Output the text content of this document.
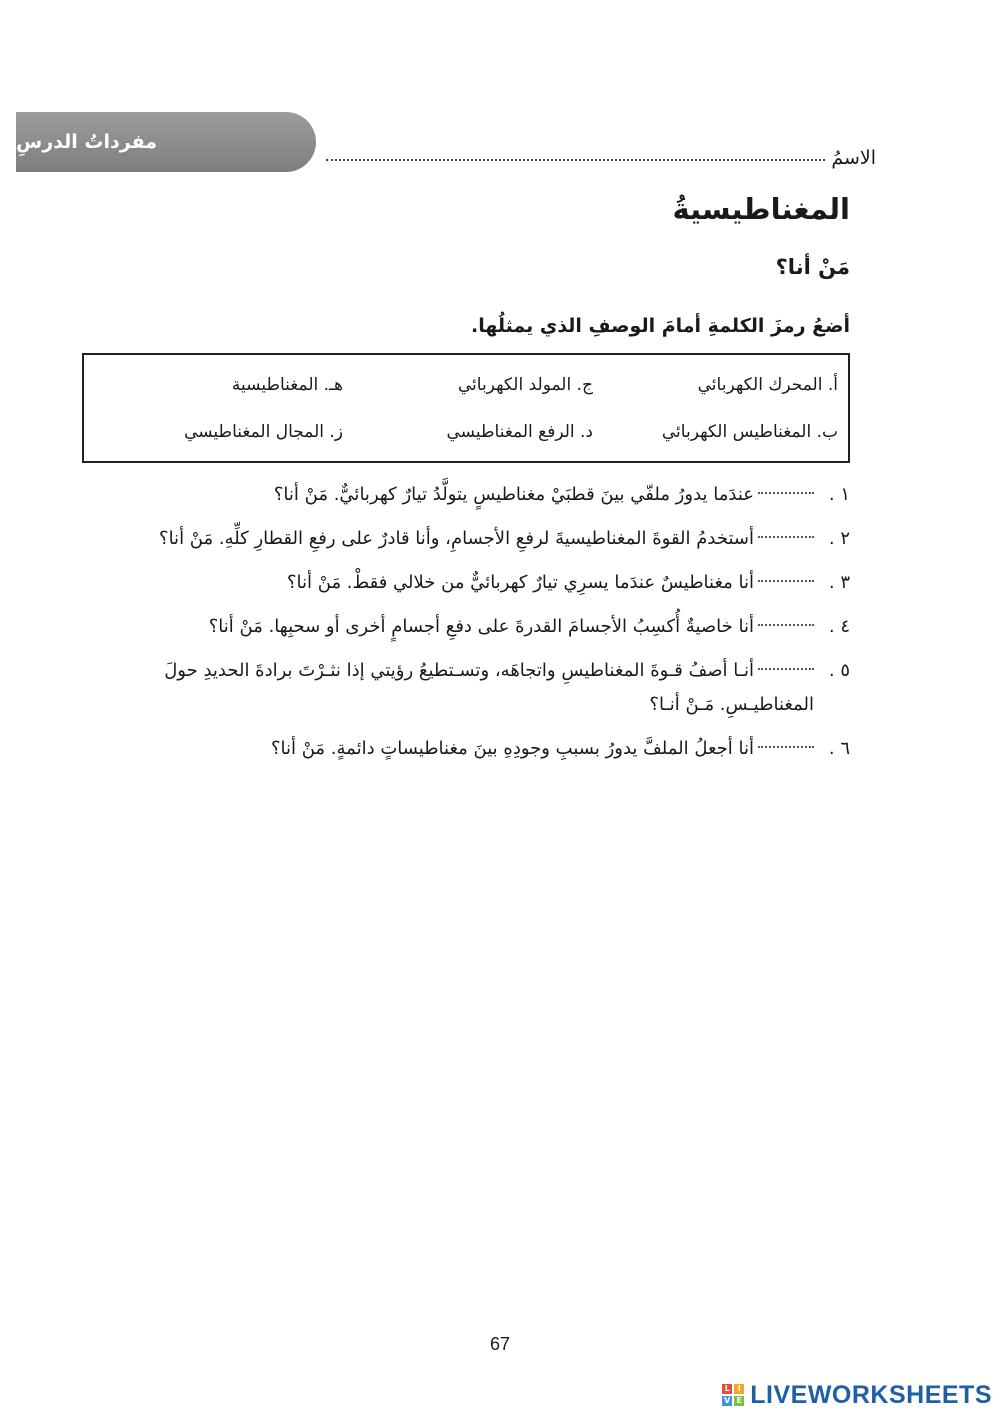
مفرداتُ الدرسِ
الاسمُ
المغناطيسيةُ
مَنْ أنا؟
أضعُ رمزَ الكلمةِ أمامَ الوصفِ الذي يمثلُها.
أ. المحرك الكهربائي
ج. المولد الكهربائي
هـ. المغناطيسية
ب. المغناطيس الكهربائي
د. الرفع المغناطيسي
ز. المجال المغناطيسي
١ .
عندَما يدورُ ملفّي بينَ قطبَيْ مغناطيسٍ يتولَّدُ تيارٌ كهربائيٌّ. مَنْ أنا؟
٢ .
أستخدمُ القوةَ المغناطيسيةَ لرفعِ الأجسامِ، وأنا قادرٌ على رفعِ القطارِ كلِّهِ. مَنْ أنا؟
٣ .
أنا مغناطيسٌ عندَما يسرِي تيارٌ كهربائيٌّ من خلالي فقطْ. مَنْ أنا؟
٤ .
أنا خاصيةٌ أُكسِبُ الأجسامَ القدرةَ على دفعِ أجسامٍ أخرى أو سحبِها. مَنْ أنا؟
٥ .
أنـا أصفُ قـوةَ المغناطيسِ واتجاهَه، وتسـتطيعُ رؤيتي إذا نثـرْتَ برادةَ الحديدِ حولَ المغناطيـسِ. مَـنْ أنـا؟
٦ .
أنا أجعلُ الملفَّ يدورُ بسببِ وجودِهِ بينَ مغناطيساتٍ دائمةٍ. مَنْ أنا؟
67
L I
V E LIVEWORKSHEETS
